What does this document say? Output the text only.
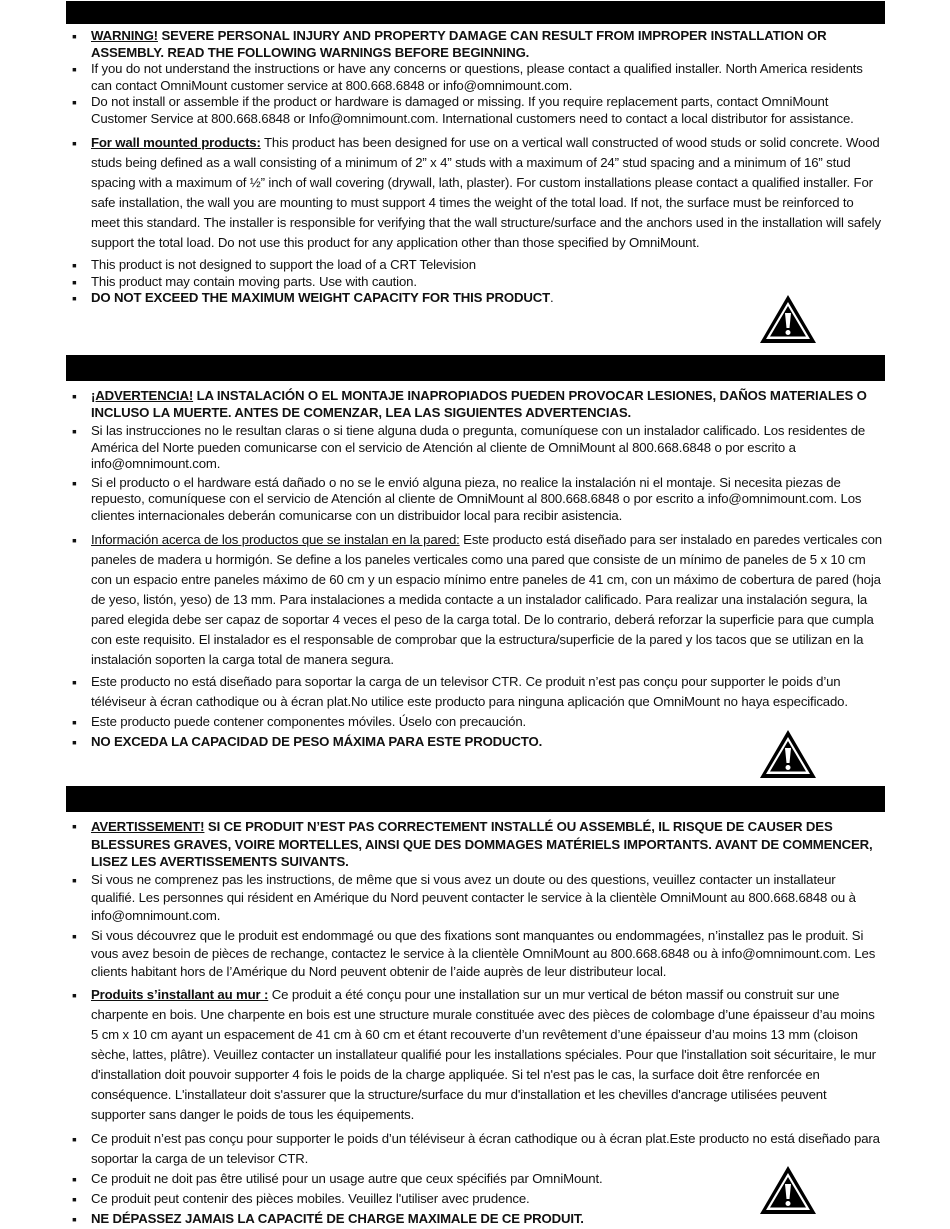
▪ WARNING! SEVERE PERSONAL INJURY AND PROPERTY DAMAGE CAN RESULT FROM IMPROPER INSTALLATION OR ASSEMBLY. READ THE FOLLOWING WARNINGS BEFORE BEGINNING.
▪ If you do not understand the instructions or have any concerns or questions, please contact a qualified installer. North America residents can contact OmniMount customer service at 800.668.6848 or info@omnimount.com.
▪ Do not install or assemble if the product or hardware is damaged or missing. If you require replacement parts, contact OmniMount Customer Service at 800.668.6848 or Info@omnimount.com. International customers need to contact a local distributor for assistance.
▪ For wall mounted products: This product has been designed for use on a vertical wall constructed of wood studs or solid concrete. Wood studs being defined as a wall consisting of a minimum of 2” x 4” studs with a maximum of 24” stud spacing and a minimum of 16” stud spacing with a maximum of ½” inch of wall covering (drywall, lath, plaster). For custom installations please contact a qualified installer. For safe installation, the wall you are mounting to must support 4 times the weight of the total load. If not, the surface must be reinforced to meet this standard. The installer is responsible for verifying that the wall structure/surface and the anchors used in the installation will safely support the total load. Do not use this product for any application other than those specified by OmniMount.
▪ This product is not designed to support the load of a CRT Television
▪ This product may contain moving parts. Use with caution.
▪ DO NOT EXCEED THE MAXIMUM WEIGHT CAPACITY FOR THIS PRODUCT.
▪ ¡ADVERTENCIA! LA INSTALACIÓN O EL MONTAJE INAPROPIADOS PUEDEN PROVOCAR LESIONES, DAÑOS MATERIALES O INCLUSO LA MUERTE. ANTES DE COMENZAR, LEA LAS SIGUIENTES ADVERTENCIAS.
▪ Si las instrucciones no le resultan claras o si tiene alguna duda o pregunta, comuníquese con un instalador calificado. Los residentes de América del Norte pueden comunicarse con el servicio de Atención al cliente de OmniMount al 800.668.6848 o por escrito a info@omnimount.com.
▪ Si el producto o el hardware está dañado o no se le envió alguna pieza, no realice la instalación ni el montaje. Si necesita piezas de repuesto, comuníquese con el servicio de Atención al cliente de OmniMount al 800.668.6848 o por escrito a info@omnimount.com. Los clientes internacionales deberán comunicarse con un distribuidor local para recibir asistencia.
▪ Información acerca de los productos que se instalan en la pared: Este producto está diseñado para ser instalado en paredes verticales con paneles de madera u hormigón. Se define a los paneles verticales como una pared que consiste de un mínimo de paneles de 5 x 10 cm con un espacio entre paneles máximo de 60 cm y un espacio mínimo entre paneles de 41 cm, con un máximo de cobertura de pared (hoja de yeso, listón, yeso) de 13 mm. Para instalaciones a medida contacte a un instalador calificado. Para realizar una instalación segura, la pared elegida debe ser capaz de soportar 4 veces el peso de la carga total. De lo contrario, deberá reforzar la superficie para que cumpla con este requisito. El instalador es el responsable de comprobar que la estructura/superficie de la pared y los tacos que se utilizan en la instalación soporten la carga total de manera segura.
▪ Este producto no está diseñado para soportar la carga de un televisor CTR. Ce produit n’est pas conçu pour supporter le poids d’un téléviseur à écran cathodique ou à écran plat.No utilice este producto para ninguna aplicación que OmniMount no haya especificado.
▪ Este producto puede contener componentes móviles. Úselo con precaución.
▪ NO EXCEDA LA CAPACIDAD DE PESO MÁXIMA PARA ESTE PRODUCTO.
▪ AVERTISSEMENT! SI CE PRODUIT N’EST PAS CORRECTEMENT INSTALLÉ OU ASSEMBLÉ, IL RISQUE DE CAUSER DES BLESSURES GRAVES, VOIRE MORTELLES, AINSI QUE DES DOMMAGES MATÉRIELS IMPORTANTS. AVANT DE COMMENCER, LISEZ LES AVERTISSEMENTS SUIVANTS.
▪ Si vous ne comprenez pas les instructions, de même que si vous avez un doute ou des questions, veuillez contacter un installateur qualifié. Les personnes qui résident en Amérique du Nord peuvent contacter le service à la clientèle OmniMount au 800.668.6848 ou à info@omnimount.com.
▪ Si vous découvrez que le produit est endommagé ou que des fixations sont manquantes ou endommagées, n’installez pas le produit. Si vous avez besoin de pièces de rechange, contactez le service à la clientèle OmniMount au 800.668.6848 ou à info@omnimount.com. Les clients habitant hors de l’Amérique du Nord peuvent obtenir de l’aide auprès de leur distributeur local.
▪ Produits s’installant au mur : Ce produit a été conçu pour une installation sur un mur vertical de béton massif ou construit sur une charpente en bois. Une charpente en bois est une structure murale constituée avec des pièces de colombage d’une épaisseur d’au moins 5 cm x 10 cm ayant un espacement de 41 cm à 60 cm et étant recouverte d’un revêtement d’une épaisseur d’au moins 13 mm (cloison sèche, lattes, plâtre). Veuillez contacter un installateur qualifié pour les installations spéciales. Pour que l'installation soit sécuritaire, le mur d'installation doit pouvoir supporter 4 fois le poids de la charge appliquée. Si tel n'est pas le cas, la surface doit être renforcée en conséquence. L'installateur doit s'assurer que la structure/surface du mur d'installation et les chevilles d'ancrage utilisées peuvent supporter sans danger le poids de tous les équipements.
▪ Ce produit n’est pas conçu pour supporter le poids d’un téléviseur à écran cathodique ou à écran plat.Este producto no está diseñado para soportar la carga de un televisor CTR.
▪ Ce produit ne doit pas être utilisé pour un usage autre que ceux spécifiés par OmniMount.
▪ Ce produit peut contenir des pièces mobiles. Veuillez l'utiliser avec prudence.
▪ NE DÉPASSEZ JAMAIS LA CAPACITÉ DE CHARGE MAXIMALE DE CE PRODUIT.
